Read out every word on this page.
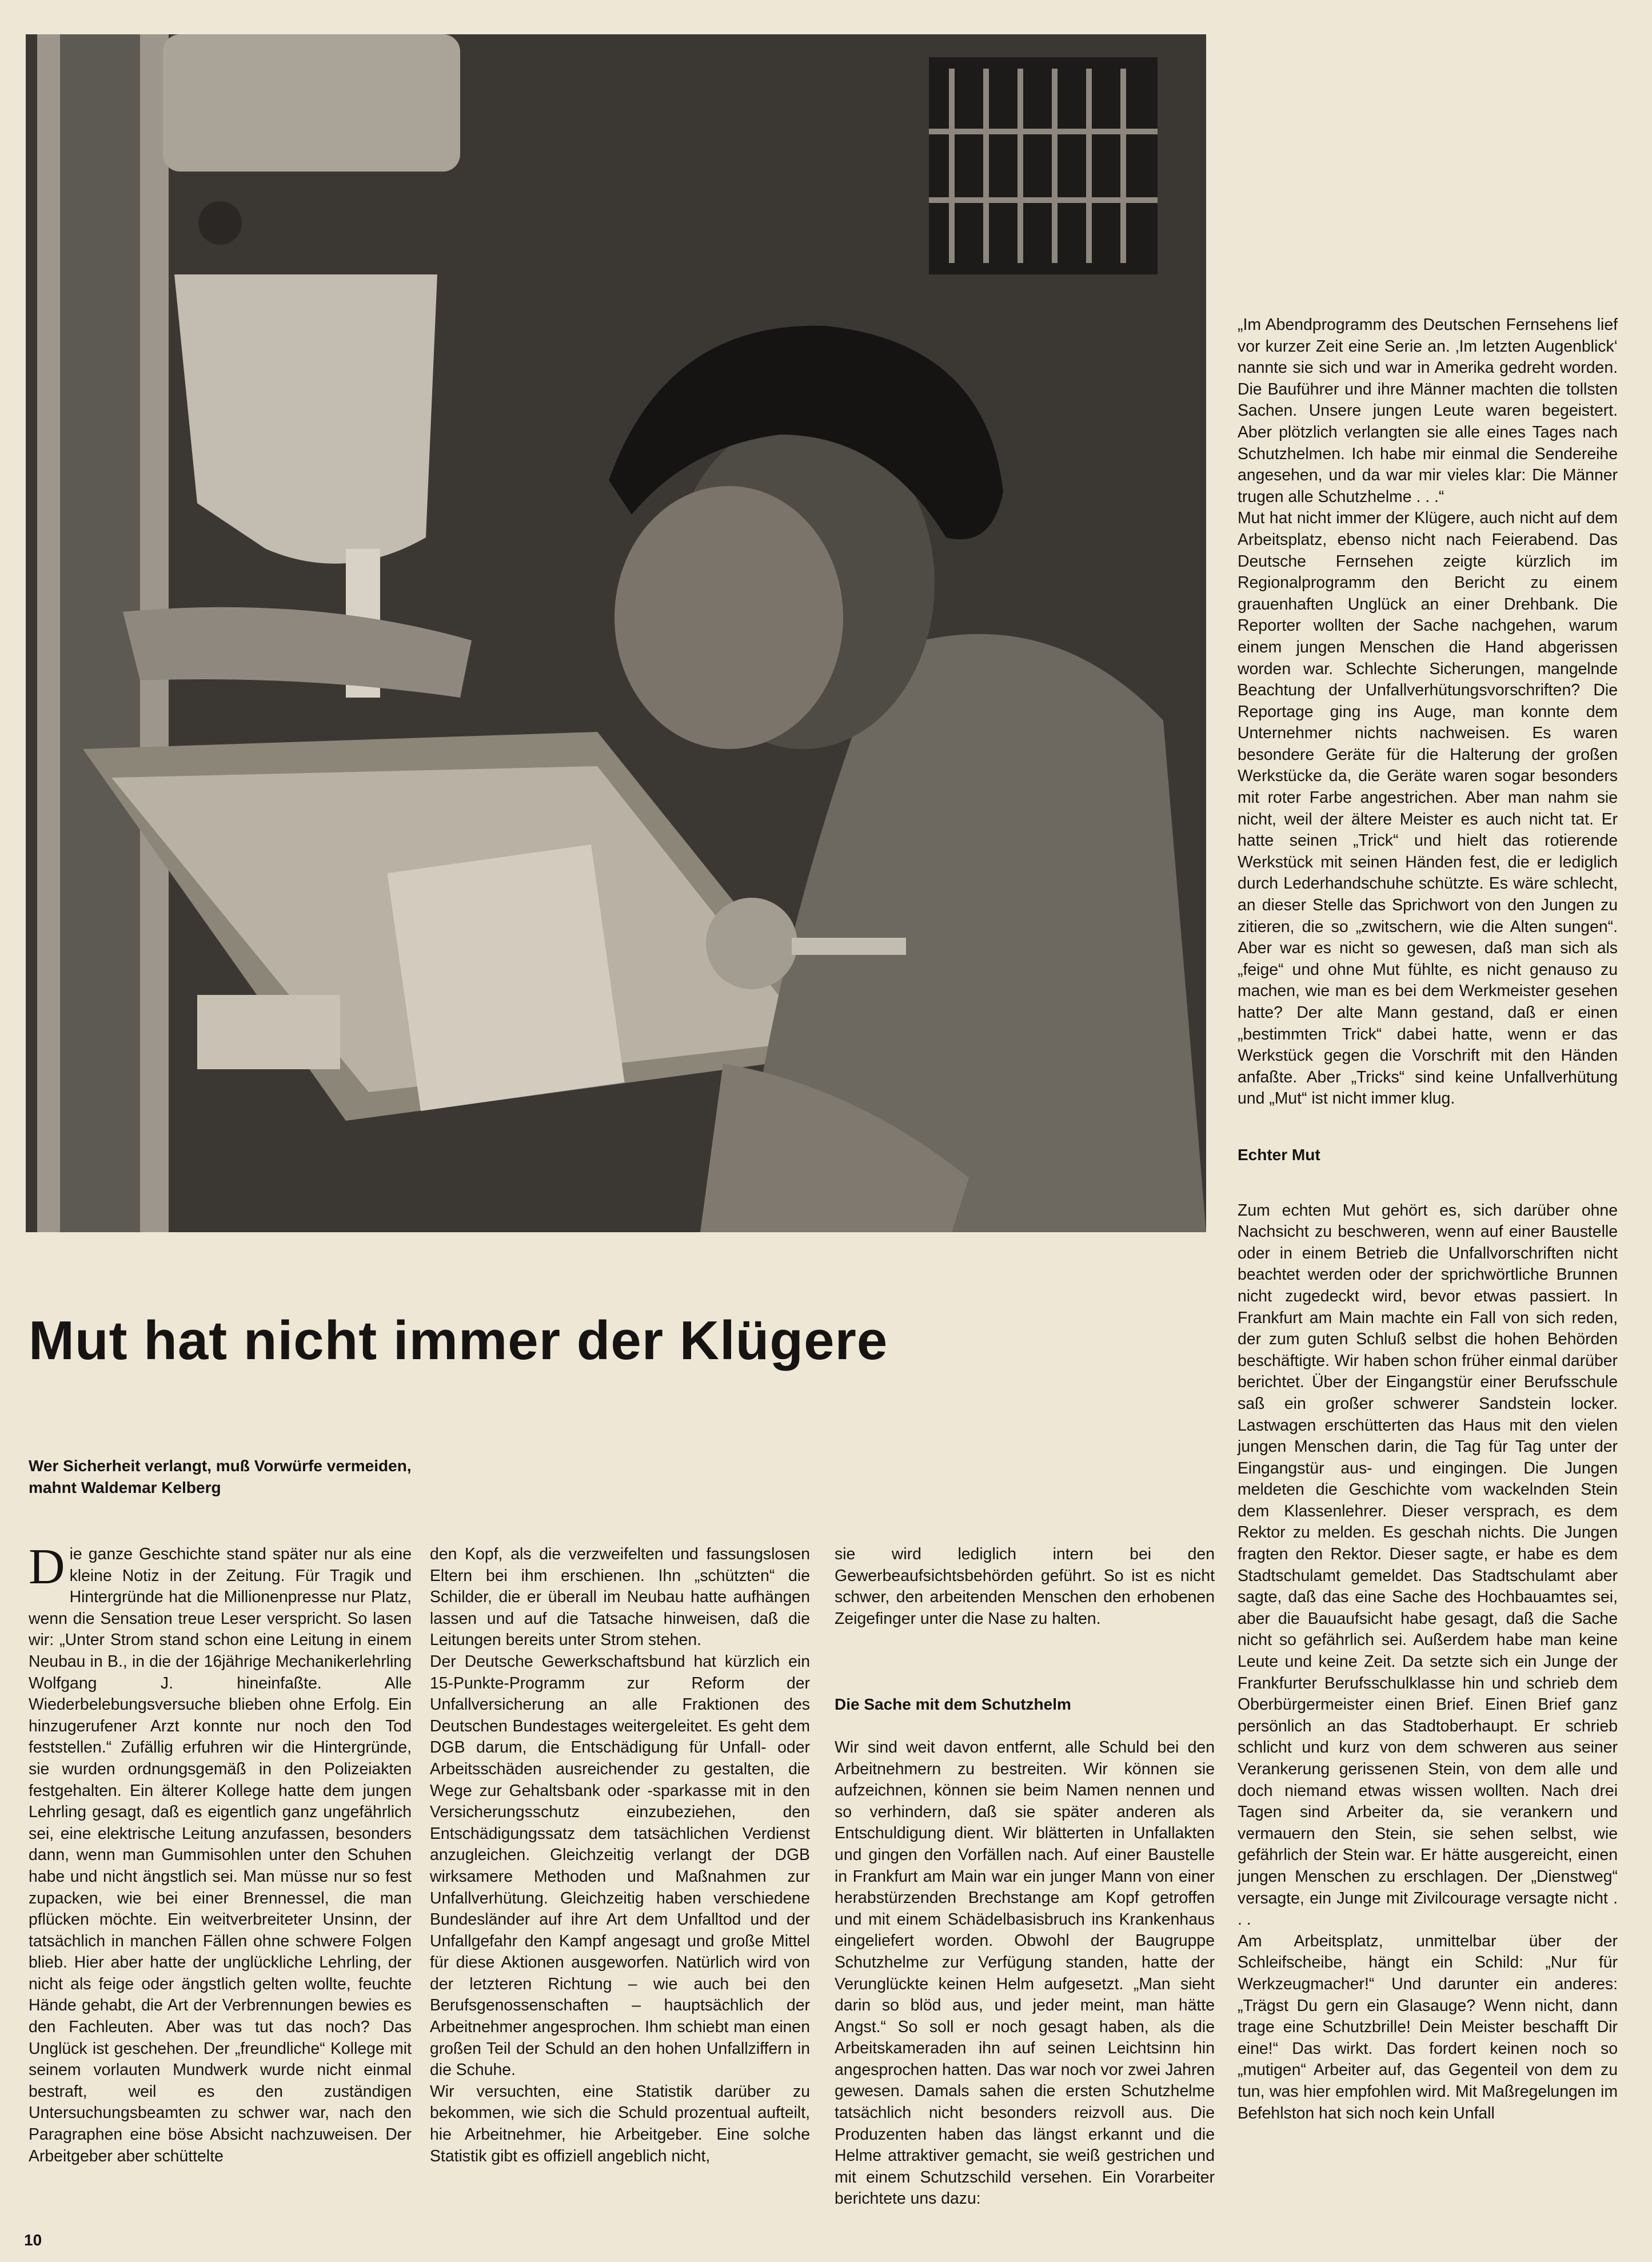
Mut hat nicht immer der Klügere
Wer Sicherheit verlangt, muß Vorwürfe vermeiden, mahnt Waldemar Kelberg

Die ganze Geschichte stand später nur als eine kleine Notiz in der Zeitung. Für Tragik und Hintergründe hat die Millionenpresse nur Platz, wenn die Sensation treue Leser verspricht. So lasen wir: „Unter Strom stand schon eine Leitung in einem Neubau in B., in die der 16jährige Mechanikerlehrling Wolfgang J. hineinfaßte. Alle Wiederbelebungsversuche blieben ohne Erfolg. Ein hinzugerufener Arzt konnte nur noch den Tod feststellen.“ Zufällig erfuhren wir die Hintergründe, sie wurden ordnungsgemäß in den Polizeiakten festgehalten. Ein älterer Kollege hatte dem jungen Lehrling gesagt, daß es eigentlich ganz ungefährlich sei, eine elektrische Leitung anzufassen, besonders dann, wenn man Gummisohlen unter den Schuhen habe und nicht ängstlich sei. Man müsse nur so fest zupacken, wie bei einer Brennessel, die man pflücken möchte. Ein weitverbreiteter Unsinn, der tatsächlich in manchen Fällen ohne schwere Folgen blieb. Hier aber hatte der unglückliche Lehrling, der nicht als feige oder ängstlich gelten wollte, feuchte Hände gehabt, die Art der Verbrennungen bewies es den Fachleuten. Aber was tut das noch? Das Unglück ist geschehen. Der „freundliche“ Kollege mit seinem vorlauten Mundwerk wurde nicht einmal bestraft, weil es den zuständigen Untersuchungsbeamten zu schwer war, nach den Paragraphen eine böse Absicht nachzuweisen. Der Arbeitgeber aber schüttelte

den Kopf, als die verzweifelten und fassungslosen Eltern bei ihm erschienen. Ihn „schützten“ die Schilder, die er überall im Neubau hatte aufhängen lassen und auf die Tatsache hinweisen, daß die Leitungen bereits unter Strom stehen.

Der Deutsche Gewerkschaftsbund hat kürzlich ein 15-Punkte-Programm zur Reform der Unfallversicherung an alle Fraktionen des Deutschen Bundestages weitergeleitet. Es geht dem DGB darum, die Entschädigung für Unfall- oder Arbeitsschäden ausreichender zu gestalten, die Wege zur Gehaltsbank oder -sparkasse mit in den Versicherungsschutz einzubeziehen, den Entschädigungssatz dem tatsächlichen Verdienst anzugleichen. Gleichzeitig verlangt der DGB wirksamere Methoden und Maßnahmen zur Unfallverhütung. Gleichzeitig haben verschiedene Bundesländer auf ihre Art dem Unfalltod und der Unfallgefahr den Kampf angesagt und große Mittel für diese Aktionen ausgeworfen. Natürlich wird von der letzteren Richtung – wie auch bei den Berufsgenossenschaften – hauptsächlich der Arbeitnehmer angesprochen. Ihm schiebt man einen großen Teil der Schuld an den hohen Unfallziffern in die Schuhe.

Wir versuchten, eine Statistik darüber zu bekommen, wie sich die Schuld prozentual aufteilt, hie Arbeitnehmer, hie Arbeitgeber. Eine solche Statistik gibt es offiziell angeblich nicht,

sie wird lediglich intern bei den Gewerbeaufsichtsbehörden geführt. So ist es nicht schwer, den arbeitenden Menschen den erhobenen Zeigefinger unter die Nase zu halten.

Die Sache mit dem Schutzhelm

Wir sind weit davon entfernt, alle Schuld bei den Arbeitnehmern zu bestreiten. Wir können sie aufzeichnen, können sie beim Namen nennen und so verhindern, daß sie später anderen als Entschuldigung dient. Wir blätterten in Unfallakten und gingen den Vorfällen nach. Auf einer Baustelle in Frankfurt am Main war ein junger Mann von einer herabstürzenden Brechstange am Kopf getroffen und mit einem Schädelbasisbruch ins Krankenhaus eingeliefert worden. Obwohl der Baugruppe Schutzhelme zur Verfügung standen, hatte der Verunglückte keinen Helm aufgesetzt. „Man sieht darin so blöd aus, und jeder meint, man hätte Angst.“ So soll er noch gesagt haben, als die Arbeitskameraden ihn auf seinen Leichtsinn hin angesprochen hatten. Das war noch vor zwei Jahren gewesen. Damals sahen die ersten Schutzhelme tatsächlich nicht besonders reizvoll aus. Die Produzenten haben das längst erkannt und die Helme attraktiver gemacht, sie weiß gestrichen und mit einem Schutzschild versehen. Ein Vorarbeiter berichtete uns dazu:

„Im Abendprogramm des Deutschen Fernsehens lief vor kurzer Zeit eine Serie an. ‚Im letzten Augenblick‘ nannte sie sich und war in Amerika gedreht worden. Die Bauführer und ihre Männer machten die tollsten Sachen. Unsere jungen Leute waren begeistert. Aber plötzlich verlangten sie alle eines Tages nach Schutzhelmen. Ich habe mir einmal die Sendereihe angesehen, und da war mir vieles klar: Die Männer trugen alle Schutzhelme . . .“

Mut hat nicht immer der Klügere, auch nicht auf dem Arbeitsplatz, ebenso nicht nach Feierabend. Das Deutsche Fernsehen zeigte kürzlich im Regionalprogramm den Bericht zu einem grauenhaften Unglück an einer Drehbank. Die Reporter wollten der Sache nachgehen, warum einem jungen Menschen die Hand abgerissen worden war. Schlechte Sicherungen, mangelnde Beachtung der Unfallverhütungsvorschriften? Die Reportage ging ins Auge, man konnte dem Unternehmer nichts nachweisen. Es waren besondere Geräte für die Halterung der großen Werkstücke da, die Geräte waren sogar besonders mit roter Farbe angestrichen. Aber man nahm sie nicht, weil der ältere Meister es auch nicht tat. Er hatte seinen „Trick“ und hielt das rotierende Werkstück mit seinen Händen fest, die er lediglich durch Lederhandschuhe schützte. Es wäre schlecht, an dieser Stelle das Sprichwort von den Jungen zu zitieren, die so „zwitschern, wie die Alten sungen“. Aber war es nicht so gewesen, daß man sich als „feige“ und ohne Mut fühlte, es nicht genauso zu machen, wie man es bei dem Werkmeister gesehen hatte? Der alte Mann gestand, daß er einen „bestimmten Trick“ dabei hatte, wenn er das Werkstück gegen die Vorschrift mit den Händen anfaßte. Aber „Tricks“ sind keine Unfallverhütung und „Mut“ ist nicht immer klug.

Echter Mut

Zum echten Mut gehört es, sich darüber ohne Nachsicht zu beschweren, wenn auf einer Baustelle oder in einem Betrieb die Unfallvorschriften nicht beachtet werden oder der sprichwörtliche Brunnen nicht zugedeckt wird, bevor etwas passiert. In Frankfurt am Main machte ein Fall von sich reden, der zum guten Schluß selbst die hohen Behörden beschäftigte. Wir haben schon früher einmal darüber berichtet. Über der Eingangstür einer Berufsschule saß ein großer schwerer Sandstein locker. Lastwagen erschütterten das Haus mit den vielen jungen Menschen darin, die Tag für Tag unter der Eingangstür aus- und eingingen. Die Jungen meldeten die Geschichte vom wackelnden Stein dem Klassenlehrer. Dieser versprach, es dem Rektor zu melden. Es geschah nichts. Die Jungen fragten den Rektor. Dieser sagte, er habe es dem Stadtschulamt gemeldet. Das Stadtschulamt aber sagte, daß das eine Sache des Hochbauamtes sei, aber die Bauaufsicht habe gesagt, daß die Sache nicht so gefährlich sei. Außerdem habe man keine Leute und keine Zeit. Da setzte sich ein Junge der Frankfurter Berufsschulklasse hin und schrieb dem Oberbürgermeister einen Brief. Einen Brief ganz persönlich an das Stadtoberhaupt. Er schrieb schlicht und kurz von dem schweren aus seiner Verankerung gerissenen Stein, von dem alle und doch niemand etwas wissen wollten. Nach drei Tagen sind Arbeiter da, sie verankern und vermauern den Stein, sie sehen selbst, wie gefährlich der Stein war. Er hätte ausgereicht, einen jungen Menschen zu erschlagen. Der „Dienstweg“ versagte, ein Junge mit Zivilcourage versagte nicht . . .

Am Arbeitsplatz, unmittelbar über der Schleifscheibe, hängt ein Schild: „Nur für Werkzeugmacher!“ Und darunter ein anderes: „Trägst Du gern ein Glasauge? Wenn nicht, dann trage eine Schutzbrille! Dein Meister beschafft Dir eine!“ Das wirkt. Das fordert keinen noch so „mutigen“ Arbeiter auf, das Gegenteil von dem zu tun, was hier empfohlen wird. Mit Maßregelungen im Befehlston hat sich noch kein Unfall

10
